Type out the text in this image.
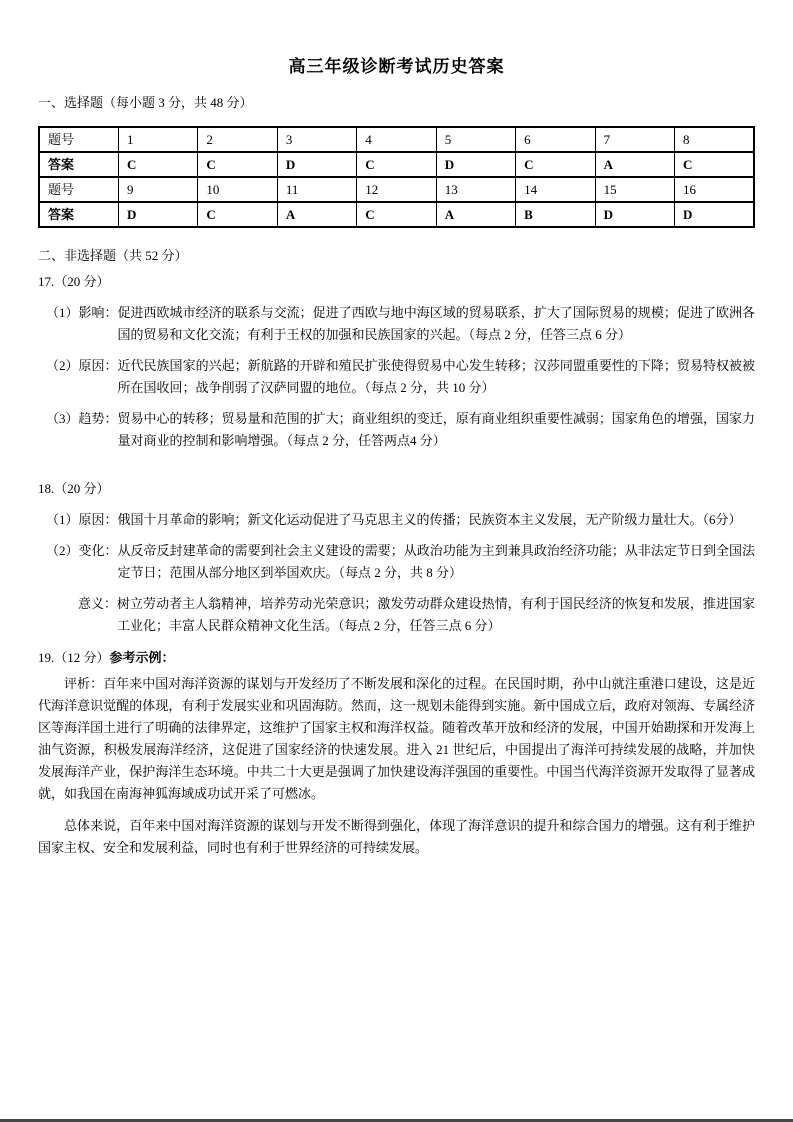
高三年级诊断考试历史答案
一、选择题（每小题 3 分，共 48 分）
题号	1	2	3	4	5	6	7	8
答案	C	C	D	C	D	C	A	C
题号	9	10	11	12	13	14	15	16
答案	D	C	A	C	A	B	D	D
二、非选择题（共 52 分）
17.（20 分）
（1）影响： 促进西欧城市经济的联系与交流；促进了西欧与地中海区域的贸易联系，扩大了国际贸易的规模；促进了欧洲各国的贸易和文化交流；有利于王权的加强和民族国家的兴起。（每点 2 分，任答三点 6 分）
（2）原因： 近代民族国家的兴起；新航路的开辟和殖民扩张使得贸易中心发生转移；汉莎同盟重要性的下降；贸易特权被被所在国收回；战争削弱了汉萨同盟的地位。（每点 2 分，共 10 分）
（3）趋势： 贸易中心的转移；贸易量和范围的扩大；商业组织的变迁，原有商业组织重要性减弱；国家角色的增强，国家力量对商业的控制和影响增强。（每点 2 分，任答两点4 分）
18.（20 分）
（1）原因： 俄国十月革命的影响；新文化运动促进了马克思主义的传播；民族资本主义发展，无产阶级力量壮大。（6分）
（2）变化： 从反帝反封建革命的需要到社会主义建设的需要；从政治功能为主到兼具政治经济功能；从非法定节日到全国法定节日；范围从部分地区到举国欢庆。（每点 2 分，共 8 分）
意义： 树立劳动者主人翁精神，培养劳动光荣意识；激发劳动群众建设热情，有利于国民经济的恢复和发展，推进国家工业化；丰富人民群众精神文化生活。（每点 2 分，任答三点 6 分）
19.（12 分）参考示例：

评析：百年来中国对海洋资源的谋划与开发经历了不断发展和深化的过程。在民国时期，孙中山就注重港口建设，这是近代海洋意识觉醒的体现，有利于发展实业和巩固海防。然而，这一规划未能得到实施。新中国成立后，政府对领海、专属经济区等海洋国土进行了明确的法律界定，这维护了国家主权和海洋权益。随着改革开放和经济的发展，中国开始勘探和开发海上油气资源，积极发展海洋经济，这促进了国家经济的快速发展。进入 21 世纪后，中国提出了海洋可持续发展的战略，并加快发展海洋产业，保护海洋生态环境。中共二十大更是强调了加快建设海洋强国的重要性。中国当代海洋资源开发取得了显著成就，如我国在南海神狐海域成功试开采了可燃冰。

总体来说，百年来中国对海洋资源的谋划与开发不断得到强化，体现了海洋意识的提升和综合国力的增强。这有利于维护国家主权、安全和发展利益，同时也有利于世界经济的可持续发展。
